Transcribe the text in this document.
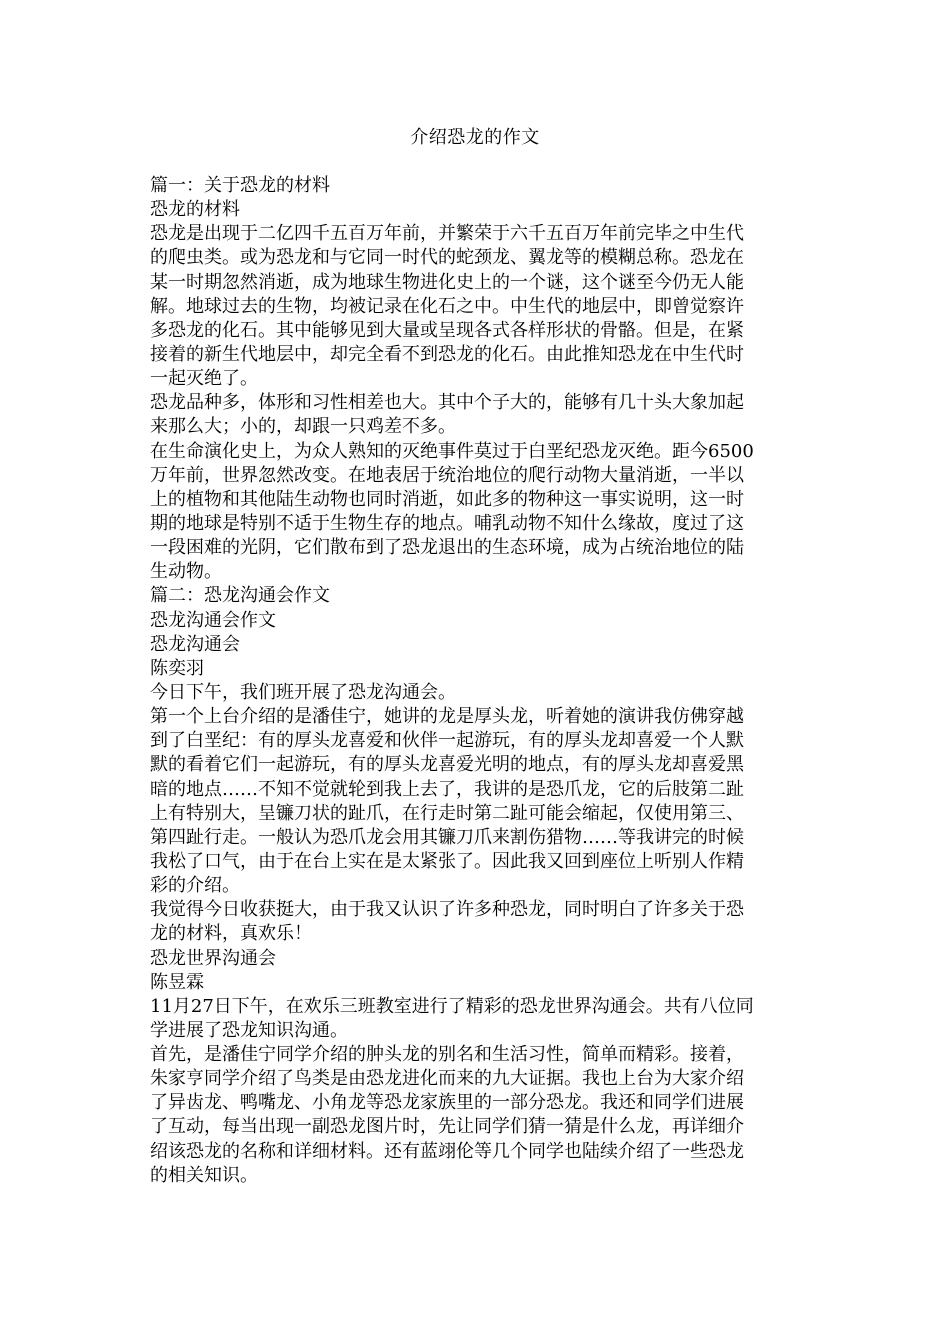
介绍恐龙的作文
篇一：关于恐龙的材料
恐龙的材料
恐龙是出现于二亿四千五百万年前，并繁荣于六千五百万年前完毕之中生代
的爬虫类。或为恐龙和与它同一时代的蛇颈龙、翼龙等的模糊总称。恐龙在
某一时期忽然消逝，成为地球生物进化史上的一个谜，这个谜至今仍无人能
解。地球过去的生物，均被记录在化石之中。中生代的地层中，即曾觉察许
多恐龙的化石。其中能够见到大量或呈现各式各样形状的骨骼。但是，在紧
接着的新生代地层中，却完全看不到恐龙的化石。由此推知恐龙在中生代时
一起灭绝了。
恐龙品种多，体形和习性相差也大。其中个子大的，能够有几十头大象加起
来那么大；小的，却跟一只鸡差不多。
在生命演化史上，为众人熟知的灭绝事件莫过于白垩纪恐龙灭绝。距今6500
万年前，世界忽然改变。在地表居于统治地位的爬行动物大量消逝，一半以
上的植物和其他陆生动物也同时消逝，如此多的物种这一事实说明，这一时
期的地球是特别不适于生物生存的地点。哺乳动物不知什么缘故，度过了这
一段困难的光阴，它们散布到了恐龙退出的生态环境，成为占统治地位的陆
生动物。
篇二：恐龙沟通会作文
恐龙沟通会作文
恐龙沟通会
陈奕羽
今日下午，我们班开展了恐龙沟通会。
第一个上台介绍的是潘佳宁，她讲的龙是厚头龙，听着她的演讲我仿佛穿越
到了白垩纪：有的厚头龙喜爱和伙伴一起游玩，有的厚头龙却喜爱一个人默
默的看着它们一起游玩，有的厚头龙喜爱光明的地点，有的厚头龙却喜爱黑
暗的地点……不知不觉就轮到我上去了，我讲的是恐爪龙，它的后肢第二趾
上有特别大，呈镰刀状的趾爪，在行走时第二趾可能会缩起，仅使用第三、
第四趾行走。一般认为恐爪龙会用其镰刀爪来割伤猎物……等我讲完的时候
我松了口气，由于在台上实在是太紧张了。因此我又回到座位上听别人作精
彩的介绍。
我觉得今日收获挺大，由于我又认识了许多种恐龙，同时明白了许多关于恐
龙的材料，真欢乐！
恐龙世界沟通会
陈昱霖
11月27日下午，在欢乐三班教室进行了精彩的恐龙世界沟通会。共有八位同
学进展了恐龙知识沟通。
首先，是潘佳宁同学介绍的肿头龙的别名和生活习性，简单而精彩。接着，
朱家亨同学介绍了鸟类是由恐龙进化而来的九大证据。我也上台为大家介绍
了异齿龙、鸭嘴龙、小角龙等恐龙家族里的一部分恐龙。我还和同学们进展
了互动，每当出现一副恐龙图片时，先让同学们猜一猜是什么龙，再详细介
绍该恐龙的名称和详细材料。还有蓝翊伦等几个同学也陆续介绍了一些恐龙
的相关知识。
